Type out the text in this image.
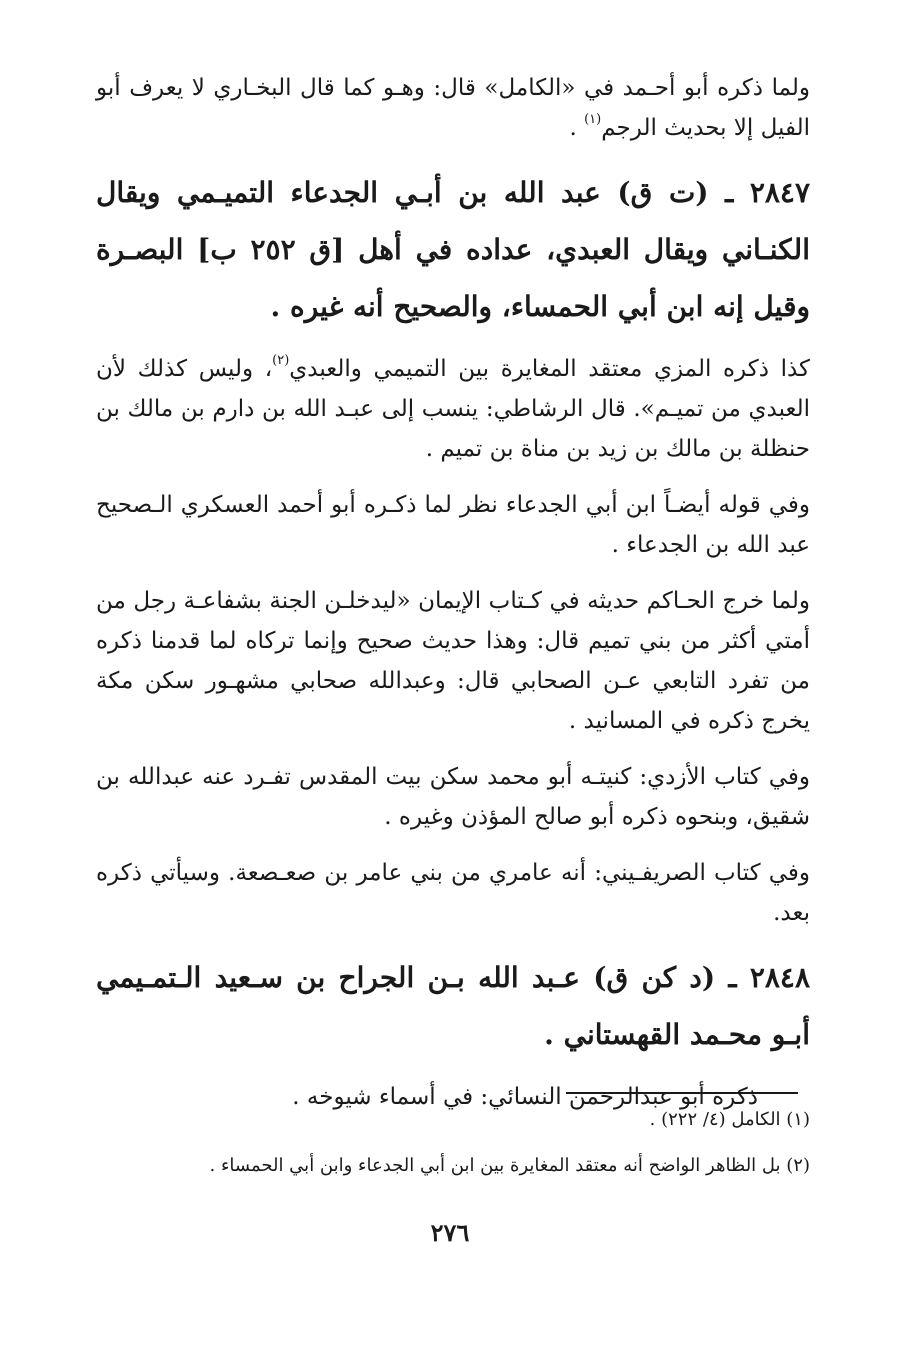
ولما ذكره أبو أحـمد في «الكامل» قال: وهـو كما قال البخـاري لا يعرف أبو الفيل إلا بحديث الرجم$^{(١)}$ .

٢٨٤٧ ـ (ت ق) عبد الله بن أبـي الجدعاء التميـمي ويقال الكنـاني ويقال العبدي، عداده في أهل [ق ٢٥٢ ب] البصـرة وقيل إنه ابن أبي الحمساء، والصحيح أنه غيره .

كذا ذكره المزي معتقد المغايرة بين التميمي والعبدي$^{(٢)}$، وليس كذلك لأن العبدي من تميـم». قال الرشاطي: ينسب إلى عبـد الله بن دارم بن مالك بن حنظلة بن مالك بن زيد بن مناة بن تميم .

وفي قوله أيضـاً ابن أبي الجدعاء نظر لما ذكـره أبو أحمد العسكري الـصحيح عبد الله بن الجدعاء .

ولما خرج الحـاكم حديثه في كـتاب الإيمان «ليدخلـن الجنة بشفاعـة رجل من أمتي أكثر من بني تميم قال: وهذا حديث صحيح وإنما تركاه لما قدمنا ذكره من تفرد التابعي عـن الصحابي قال: وعبدالله صحابي مشهـور سكن مكة يخرج ذكره في المسانيد .

وفي كتاب الأزدي: كنيتـه أبو محمد سكن بيت المقدس تفـرد عنه عبدالله بن شقيق، وبنحوه ذكره أبو صالح المؤذن وغيره .

وفي كتاب الصريفـيني: أنه عامري من بني عامر بن صعـصعة. وسيأتي ذكره بعد.

٢٨٤٨ ـ (د كن ق) عـبد الله بـن الجراح بن سـعيد الـتمـيمي أبـو محـمد القهستاني .

ذكره أبو عبدالرحمن النسائي: في أسماء شيوخه .

(١) الكامل (٤/ ٢٢٢) .

(٢) بل الظاهر الواضح أنه معتقد المغايرة بين ابن أبي الجدعاء وابن أبي الحمساء .

٢٧٦
